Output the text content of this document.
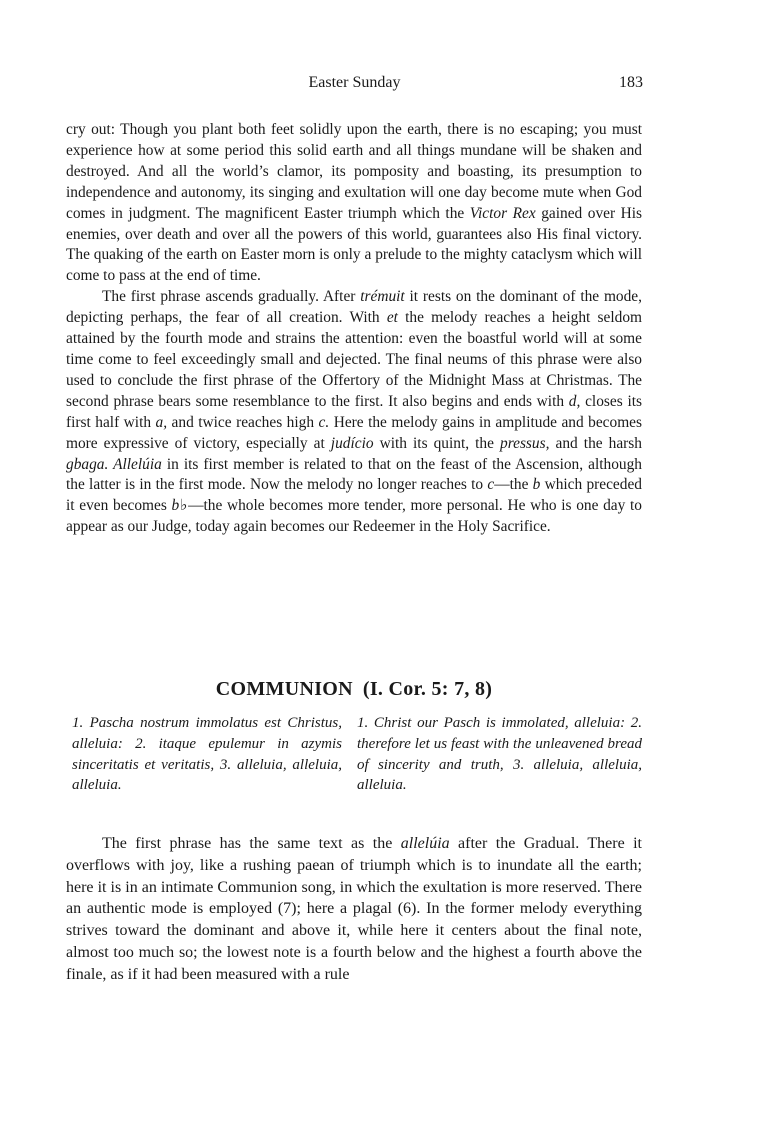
Easter Sunday	183

cry out: Though you plant both feet solidly upon the earth, there is no escaping; you must experience how at some period this solid earth and all things mundane will be shaken and destroyed. And all the world’s clamor, its pomposity and boasting, its presumption to independence and autonomy, its singing and exultation will one day become mute when God comes in judgment. The magnificent Easter triumph which the Victor Rex gained over His enemies, over death and over all the powers of this world, guarantees also His final victory. The quaking of the earth on Easter morn is only a prelude to the mighty cataclysm which will come to pass at the end of time.

The first phrase ascends gradually. After trémuit it rests on the dominant of the mode, depicting perhaps, the fear of all creation. With et the melody reaches a height seldom attained by the fourth mode and strains the attention: even the boastful world will at some time come to feel exceedingly small and dejected. The final neums of this phrase were also used to conclude the first phrase of the Offertory of the Midnight Mass at Christmas. The second phrase bears some resemblance to the first. It also begins and ends with d, closes its first half with a, and twice reaches high c. Here the melody gains in amplitude and becomes more expressive of victory, especially at judício with its quint, the pressus, and the harsh gbaga. Allelúia in its first member is related to that on the feast of the Ascension, although the latter is in the first mode. Now the melody no longer reaches to c—the b which preceded it even becomes b♭—the whole becomes more tender, more personal. He who is one day to appear as our Judge, today again becomes our Redeemer in the Holy Sacrifice.

COMMUNION (I. Cor. 5: 7, 8)
1. Pascha nostrum immolatus est Christus, alleluia: 2. itaque epulemur in azymis sinceritatis et veritatis, 3. alleluia, alleluia, alleluia.
1. Christ our Pasch is immolated, alleluia: 2. therefore let us feast with the unleavened bread of sincerity and truth, 3. alleluia, alleluia, alleluia.

The first phrase has the same text as the allelúia after the Gradual. There it overflows with joy, like a rushing paean of triumph which is to inundate all the earth; here it is in an intimate Communion song, in which the exultation is more reserved. There an authentic mode is employed (7); here a plagal (6). In the former melody everything strives toward the dominant and above it, while here it centers about the final note, almost too much so; the lowest note is a fourth below and the highest a fourth above the finale, as if it had been measured with a rule
